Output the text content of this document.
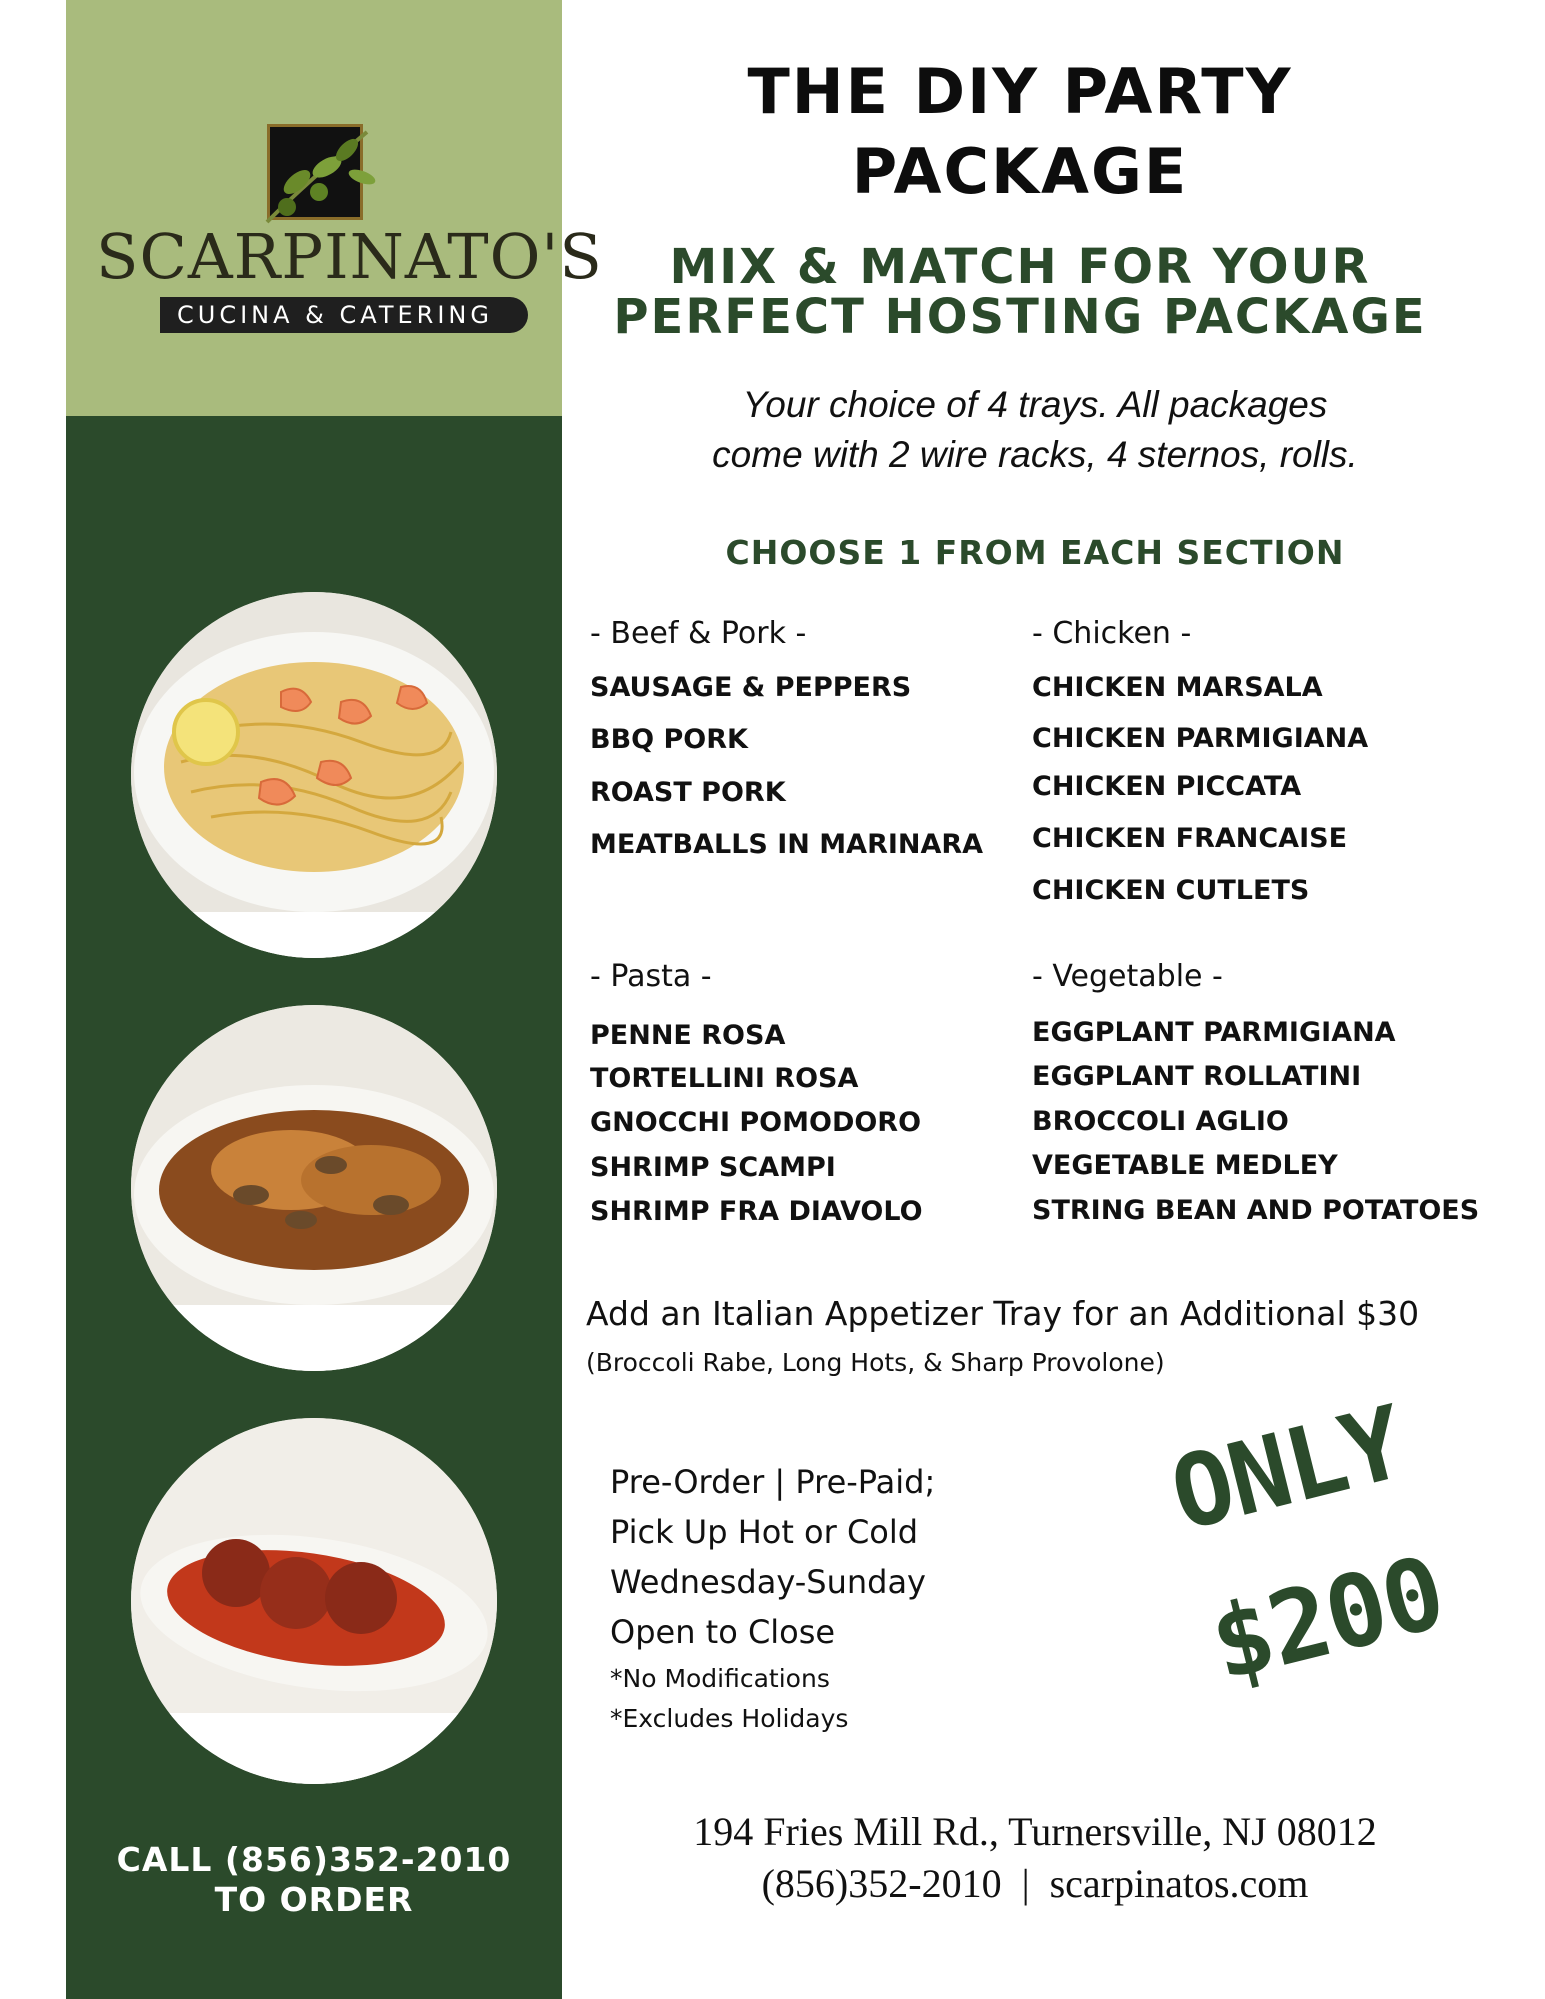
SCARPINATO'S
CUCINA & CATERING
CALL (856)352-2010
TO ORDER
THE DIY PARTY
PACKAGE
MIX & MATCH FOR YOUR
PERFECT HOSTING PACKAGE
Your choice of 4 trays. All packages
come with 2 wire racks, 4 sternos, rolls.
CHOOSE 1 FROM EACH SECTION
- Beef & Pork -
SAUSAGE & PEPPERS
BBQ PORK
ROAST PORK
MEATBALLS IN MARINARA
- Chicken -
CHICKEN MARSALA
CHICKEN PARMIGIANA
CHICKEN PICCATA
CHICKEN FRANCAISE
CHICKEN CUTLETS
- Pasta -
PENNE ROSA
TORTELLINI ROSA
GNOCCHI POMODORO
SHRIMP SCAMPI
SHRIMP FRA DIAVOLO
- Vegetable -
EGGPLANT PARMIGIANA
EGGPLANT ROLLATINI
BROCCOLI AGLIO
VEGETABLE MEDLEY
STRING BEAN AND POTATOES
Add an Italian Appetizer Tray for an Additional $30
(Broccoli Rabe, Long Hots, & Sharp Provolone)
Pre-Order | Pre-Paid;
Pick Up Hot or Cold
Wednesday-Sunday
Open to Close
*No Modifications
*Excludes Holidays
ONLY
$200
194 Fries Mill Rd., Turnersville, NJ 08012
(856)352-2010  |  scarpinatos.com
